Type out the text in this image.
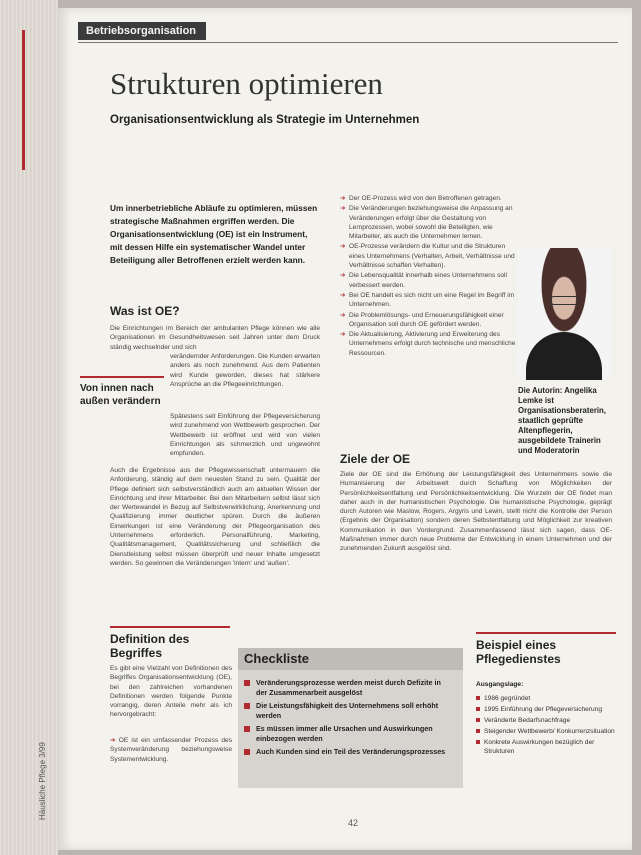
Häusliche Pflege 3/99
Betriebsorganisation
Strukturen optimieren
Organisationsentwicklung als Strategie im Unternehmen

Um innerbetriebliche Abläufe zu optimieren, müssen strategische Maßnahmen ergriffen werden. Die Organisationsentwicklung (OE) ist ein Instrument, mit dessen Hilfe ein systematischer Wandel unter Beteiligung aller Betroffenen erzielt werden kann.

Was ist OE?

Die Einrichtungen im Bereich der ambulanten Pflege können wie alle Organisationen im Gesundheitswesen seit Jahren unter dem Druck ständig wechselnder und sich

verändernder Anforderungen. Die Kunden erwarten anders als noch zunehmend. Aus dem Patienten wird Kunde geworden, dieses hat stärkere Ansprüche an die Pflegeeinrichtungen.

Spätestens seit Einführung der Pflegeversicherung wird zunehmend von Wettbewerb gesprochen. Der Wettbewerb ist eröffnet und wird von vielen Einrichtungen als schmerzlich und ungewohnt empfunden.

Auch die Ergebnisse aus der Pflegewissenschaft untermauern die Anforderung, ständig auf dem neuesten Stand zu sein. Qualität der Pflege definiert sich selbstverständlich auch am aktuellen Wissen der Einrichtung und ihrer Mitarbeiter. Bei den Mitarbeitern selbst lässt sich der Wertewandel in Bezug auf Selbstverwirklichung, Anerkennung und Qualifizierung immer deutlicher spüren. Durch die äußeren Einwirkungen ist eine Veränderung der Pflegeorganisation des Unternehmens erforderlich. Personalführung, Marketing, Qualitätsmanagement, Qualitätssicherung und schließlich die Dienstleistung selbst müssen überprüft und neuer Inhalte umgesetzt werden. So gewinnen die Veränderungen 'intern' und 'außen'.

Von innen nach außen verändern
➔ Der OE-Prozess wird von den Betroffenen getragen.
➔ Die Veränderungen beziehungsweise die Anpassung an Veränderungen erfolgt über die Gestaltung von Lernprozessen, wobei sowohl die Beteiligten, wie Mitarbeiter, als auch die Unternehmen lernen.
➔ OE-Prozesse verändern die Kultur und die Strukturen eines Unternehmens (Verhalten, Arbeit, Verhältnisse und Verhältnisse schaffen Verhalten).
➔ Die Lebensqualität innerhalb eines Unternehmens soll verbessert werden.
➔ Bei OE handelt es sich nicht um eine Regel im Begriff im Unternehmen.
➔ Die Problemlösungs- und Erneuerungsfähigkeit einer Organisation soll durch OE gefördert werden.
➔ Die Aktualisierung, Aktivierung und Erweiterung des Unternehmens erfolgt durch technische und menschliche Ressourcen.

Die Autorin: Angelika Lemke ist Organisationsberaterin, staatlich geprüfte Altenpflegerin, ausgebildete Trainerin und Moderatorin

Ziele der OE

Ziele der OE sind die Erhöhung der Leistungsfähigkeit des Unternehmens sowie die Humanisierung der Arbeitswelt durch Schaffung von Möglichkeiten der Persönlichkeitsentfaltung und Persönlichkeitsentwicklung. Die Wurzeln der OE findet man daher auch in der humanistischen Psychologie. Die humanistische Psychologie, geprägt durch Autoren wie Maslow, Rogers, Argyris und Lewin, stellt nicht die Kontrolle der Person (Ergebnis der Organisation) sondern deren Selbstentfaltung und Möglichkeit zur kreativen Kommunikation in den Vordergrund. Zusammenfassend lässt sich sagen, dass OE-Maßnahmen immer durch neue Probleme der Entwicklung in einem Unternehmen und der zunehmenden Zukunft ausgelöst sind.

Definition des Begriffes

Es gibt eine Vielzahl von Definitionen des Begriffes Organisationsentwicklung (OE), bei den zahlreichen vorhandenen Definitionen werden folgende Punkte vorrangig, deren Anteile mehr als ich hervorgebracht:

➔ OE ist ein umfassender Prozess des Systemveränderung beziehungsweise Systementwicklung.

Checkliste
Veränderungsprozesse werden meist durch Defizite in der Zusammenarbeit ausgelöst
Die Leistungsfähigkeit des Unternehmens soll erhöht werden
Es müssen immer alle Ursachen und Auswirkungen einbezogen werden
Auch Kunden sind ein Teil des Veränderungsprozesses
Beispiel eines Pflegedienstes
Ausgangslage:
1986 gegründet
1995 Einführung der Pflegeversicherung
Veränderte Bedarfsnachfrage
Steigender Wettbewerb/ Konkurrenzsituation
Konkrete Auswirkungen bezüglich der Strukturen
42
